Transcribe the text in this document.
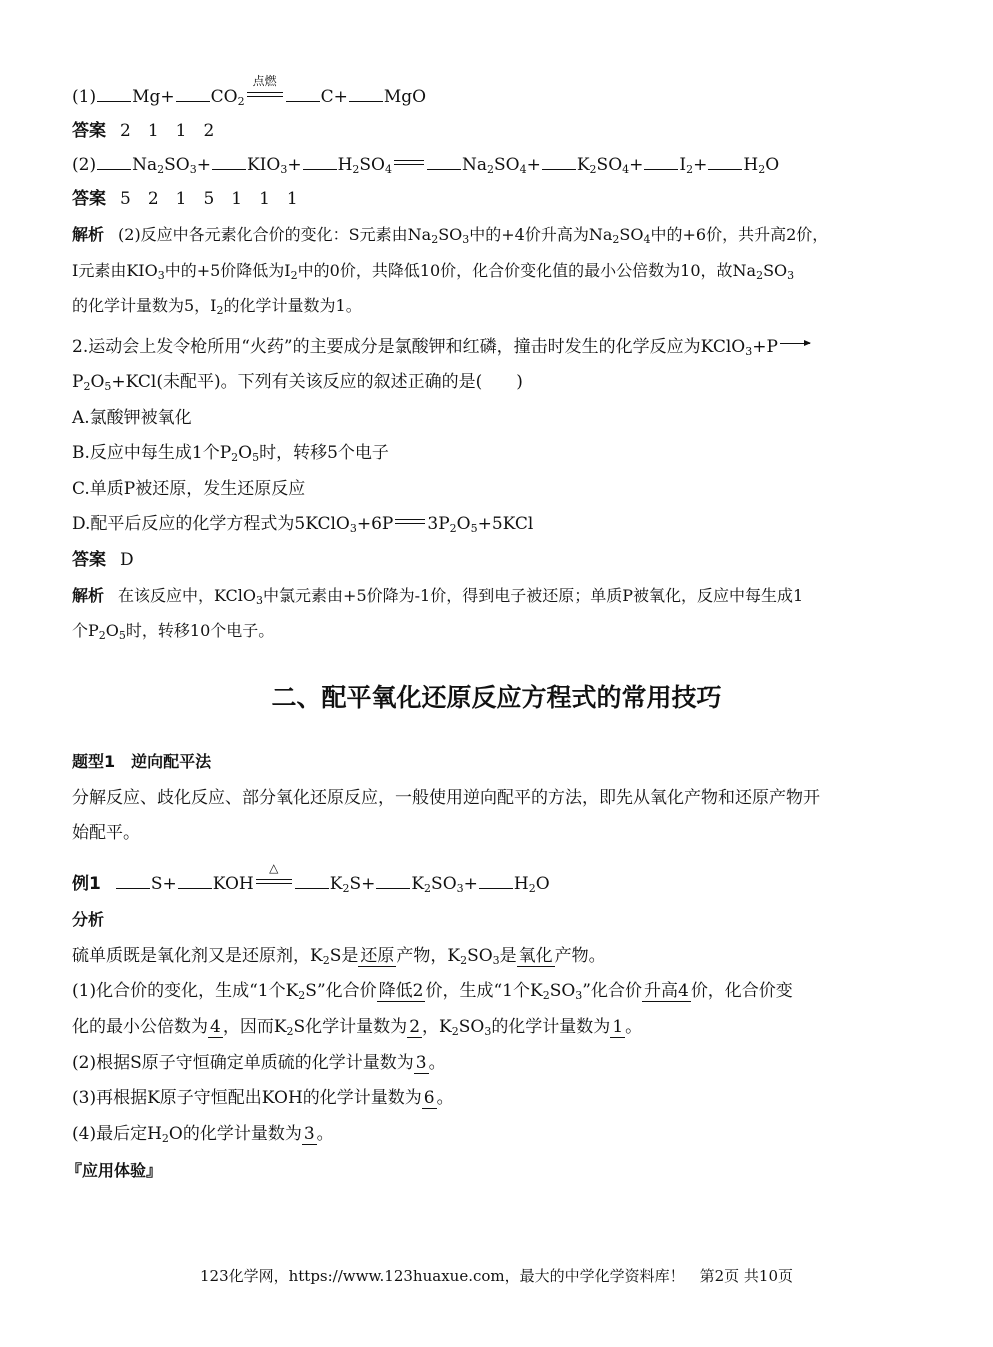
(1) $Mg+ CO_2$
点燃
C+ MgO
答案 2　1　1　2
(2) $Na_2SO_3+ KIO_3+ H_2SO_4$	$Na_2SO_4+ K_2SO_4+ I_2+ H_2O$
答案 5　2　1　5　1　1　1
解析 (2)反应中各元素化合价的变化：S元素由$Na_2SO_3$中的+4价升高为$Na_2SO_4$中的+6价，共升高2价，
I元素由$KIO_3$中的+5价降低为$I_2$中的0价，共降低10价，化合价变化值的最小公倍数为10，故$Na_2SO_3$
的化学计量数为5，$I_2$的化学计量数为1。
2.运动会上发令枪所用“火药”的主要成分是氯酸钾和红磷，撞击时发生的化学反应为KClO$_3$+P
$P_2O_5+KCl$(未配平)。下列有关该反应的叙述正确的是(　　)
A.氯酸钾被氧化
B.反应中每生成1个$P_2O_5$时，转移5个电子
C.单质P被还原，发生还原反应
D.配平后反应的化学方程式为5KClO$_3$+6P $3P_2O_5+5KCl$
答案 D
解析 在该反应中，KClO$_3$中氯元素由+5价降为-1价，得到电子被还原；单质P被氧化，反应中每生成1
个$P_2O_5$时，转移10个电子。
二、配平氧化还原反应方程式的常用技巧
题型1　逆向配平法
分解反应、歧化反应、部分氧化还原反应，一般使用逆向配平的方法，即先从氧化产物和还原产物开
始配平。
例1	S+ KOH
△
$K_2S+ K_2SO_3+ H_2O$
分析
硫单质既是氧化剂又是还原剂，$K_2S$是 还原 产物，$K_2SO_3$是 氧化 产物。
(1)化合价的变化，生成“1个$K_2S$”化合价 降低2 价，生成“1个$K_2SO_3$”化合价 升高4 价，化合价变
化的最小公倍数为 4 ，因而$K_2S$化学计量数为 2 ，$K_2SO_3$的化学计量数为 1 。
(2)根据S原子守恒确定单质硫的化学计量数为 3 。
(3)再根据K原子守恒配出KOH的化学计量数为 6 。
(4)最后定$H_2O$的化学计量数为 3 。
『应用体验』
123化学网，https://www.123huaxue.com，最大的中学化学资料库！　第2页 共10页
